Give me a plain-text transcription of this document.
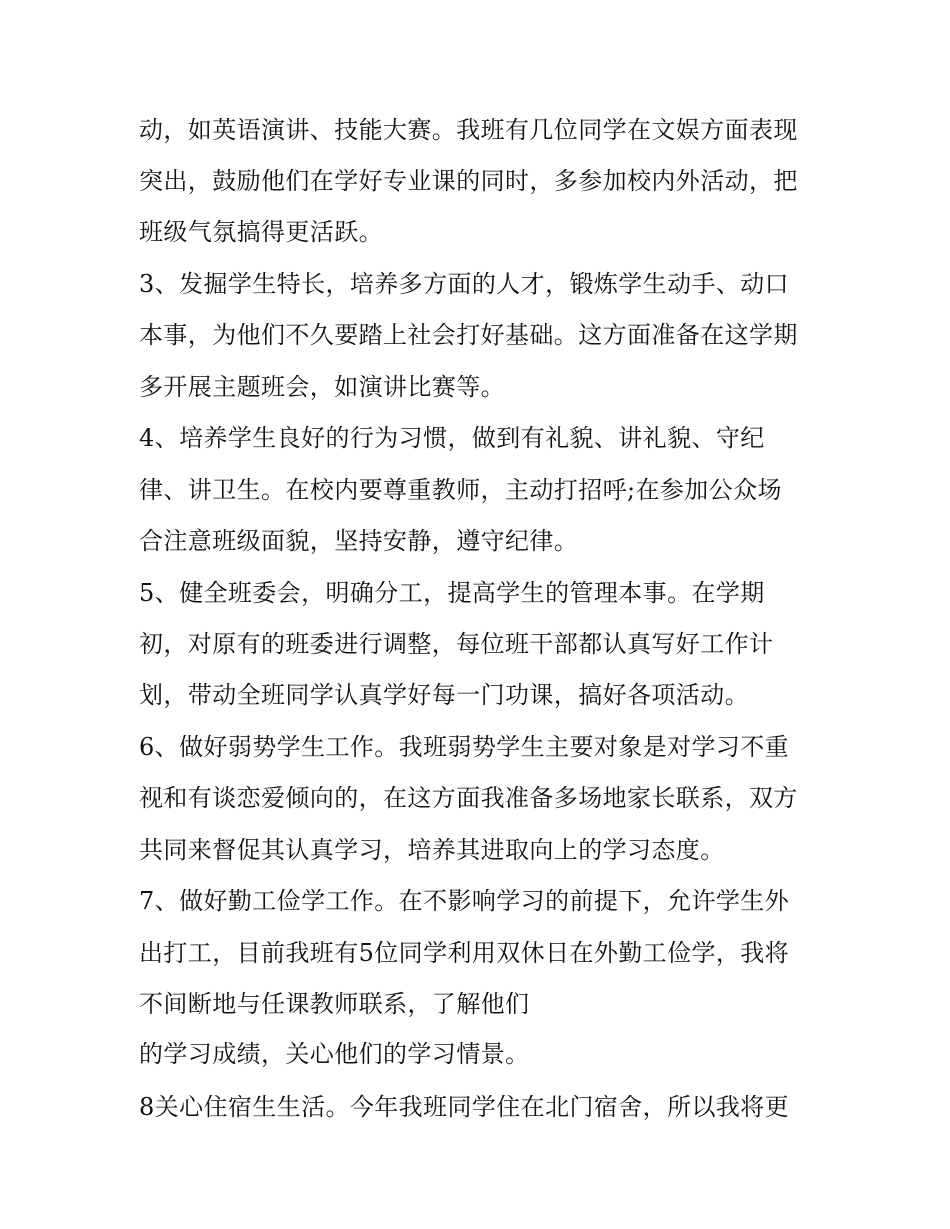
动，如英语演讲、技能大赛。我班有几位同学在文娱方面表现
突出，鼓励他们在学好专业课的同时，多参加校内外活动，把
班级气氛搞得更活跃。
3、发掘学生特长，培养多方面的人才，锻炼学生动手、动口
本事，为他们不久要踏上社会打好基础。这方面准备在这学期
多开展主题班会，如演讲比赛等。
4、培养学生良好的行为习惯，做到有礼貌、讲礼貌、守纪
律、讲卫生。在校内要尊重教师，主动打招呼;在参加公众场
合注意班级面貌，坚持安静，遵守纪律。
5、健全班委会，明确分工，提高学生的管理本事。在学期
初，对原有的班委进行调整，每位班干部都认真写好工作计
划，带动全班同学认真学好每一门功课，搞好各项活动。
6、做好弱势学生工作。我班弱势学生主要对象是对学习不重
视和有谈恋爱倾向的，在这方面我准备多场地家长联系，双方
共同来督促其认真学习，培养其进取向上的学习态度。
7、做好勤工俭学工作。在不影响学习的前提下，允许学生外
出打工，目前我班有5位同学利用双休日在外勤工俭学，我将
不间断地与任课教师联系，了解他们
的学习成绩，关心他们的学习情景。
8关心住宿生生活。今年我班同学住在北门宿舍，所以我将更
